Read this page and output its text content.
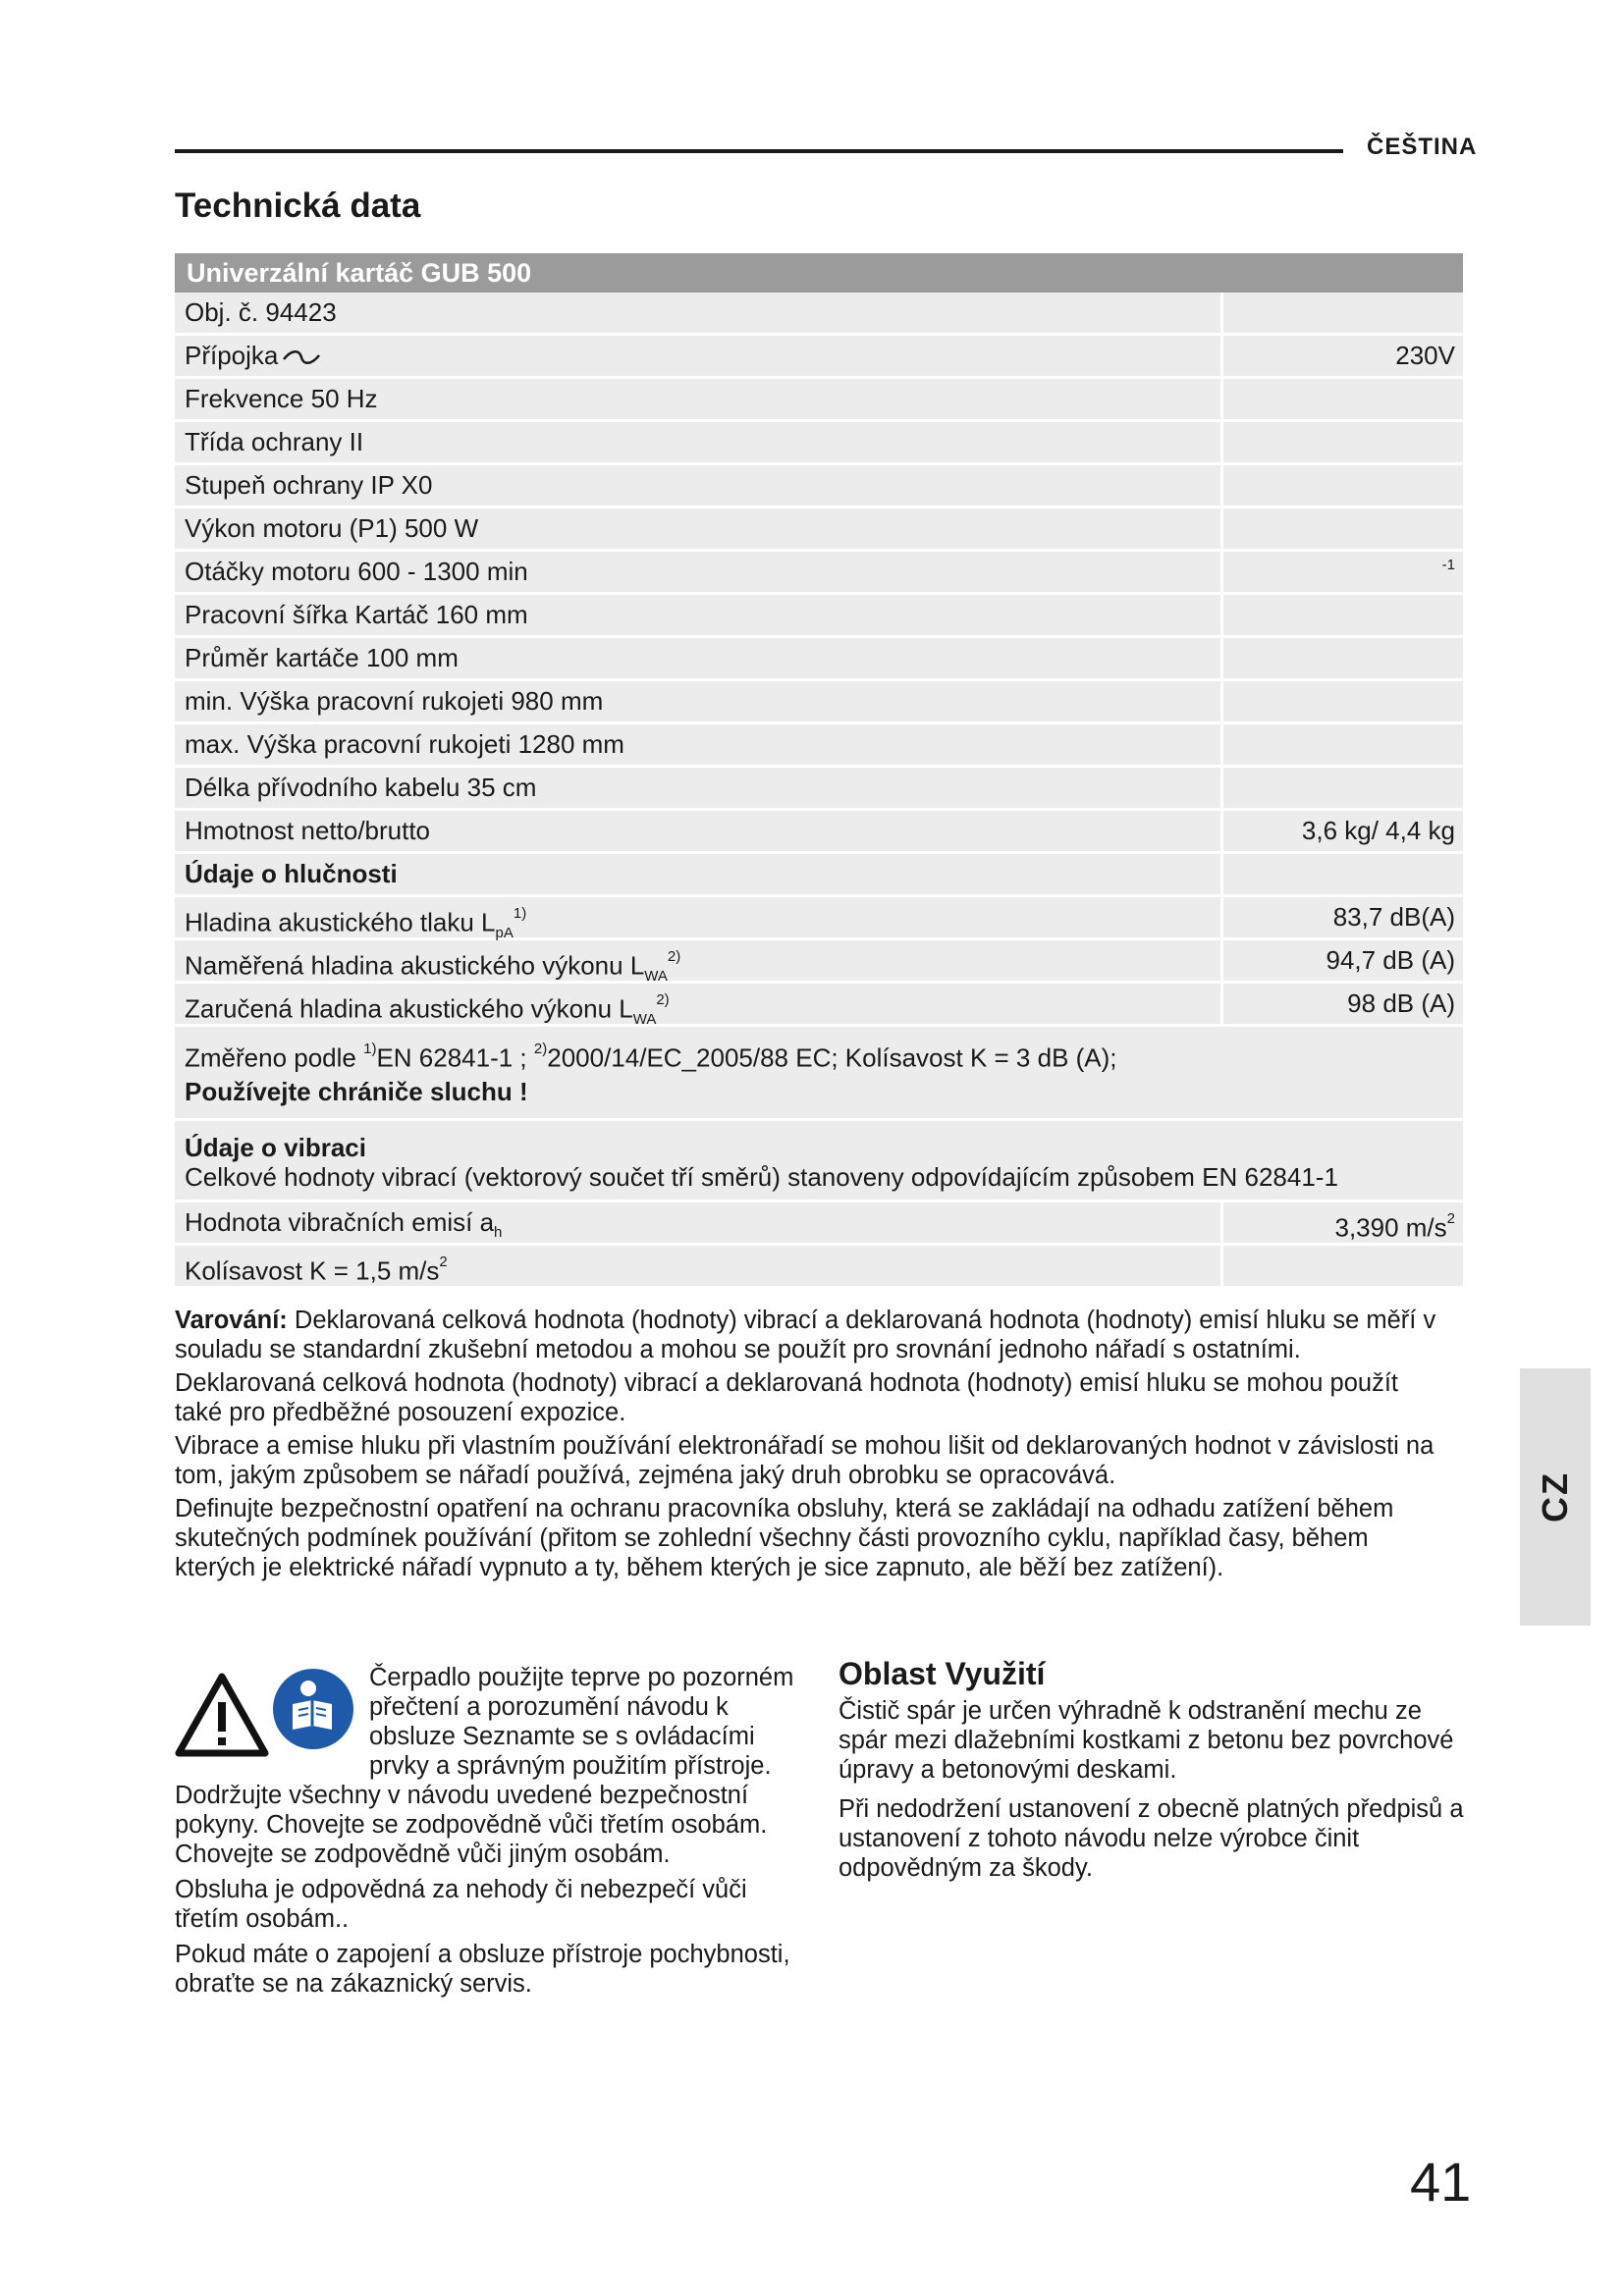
ČEŠTINA
Technická data
Univerzální kartáč GUB 500
Obj. č. 94423
Přípojka	230V
Frekvence 50 Hz
Třída ochrany II
Stupeň ochrany IP X0
Výkon motoru (P1) 500 W
Otáčky motoru 600 - 1300 min	-1
Pracovní šířka Kartáč 160 mm
Průměr kartáče 100 mm
min. Výška pracovní rukojeti 980 mm
max. Výška pracovní rukojeti 1280 mm
Délka přívodního kabelu 35 cm
Hmotnost netto/brutto	3,6 kg/ 4,4 kg
Údaje o hlučnosti
Hladina akustického tlaku $L_{pA}^{1)}$	83,7 dB(A)
Naměřená hladina akustického výkonu $L_{WA}^{2)}$	94,7 dB (A)
Zaručená hladina akustického výkonu $L_{WA}^{2)}$	98 dB (A)
Změřeno podle $^{1)}$EN 62841-1 ; $^{2)}$2000/14/EC_2005/88 EC; Kolísavost K = 3 dB (A);
Používejte chrániče sluchu !
Údaje o vibraci
Celkové hodnoty vibrací (vektorový součet tří směrů) stanoveny odpovídajícím způsobem EN 62841-1
Hodnota vibračních emisí $a_h$	3,390 $m/s^2$
Kolísavost K = 1,5 $m/s^2$

Varování: Deklarovaná celková hodnota (hodnoty) vibrací a deklarovaná hodnota (hodnoty) emisí hluku se měří v souladu se standardní zkušební metodou a mohou se použít pro srovnání jednoho nářadí s ostatními.

Deklarovaná celková hodnota (hodnoty) vibrací a deklarovaná hodnota (hodnoty) emisí hluku se mohou použít také pro předběžné posouzení expozice.

Vibrace a emise hluku při vlastním používání elektronářadí se mohou lišit od deklarovaných hodnot v závislosti na tom, jakým způsobem se nářadí používá, zejména jaký druh obrobku se opracovává.

Definujte bezpečnostní opatření na ochranu pracovníka obsluhy, která se zakládají na odhadu zatížení během skutečných podmínek používání (přitom se zohlední všechny části provozního cyklu, například časy, během kterých je elektrické nářadí vypnuto a ty, během kterých je sice zapnuto, ale běží bez zatížení).

CZ

Čerpadlo použijte teprve po pozorném přečtení a porozumění návodu k obsluze Seznamte se s ovládacími prvky a správným použitím přístroje. Dodržujte všechny v návodu uvedené bezpečnostní pokyny. Chovejte se zodpovědně vůči třetím osobám. Chovejte se zodpovědně vůči jiným osobám.

Obsluha je odpovědná za nehody či nebezpečí vůči třetím osobám..

Pokud máte o zapojení a obsluze přístroje pochybnosti, obraťte se na zákaznický servis.

Oblast Využití

Čistič spár je určen výhradně k odstranění mechu ze spár mezi dlažebními kostkami z betonu bez povrchové úpravy a betonovými deskami.

Při nedodržení ustanovení z obecně platných předpisů a ustanovení z tohoto návodu nelze výrobce činit odpovědným za škody.

41
